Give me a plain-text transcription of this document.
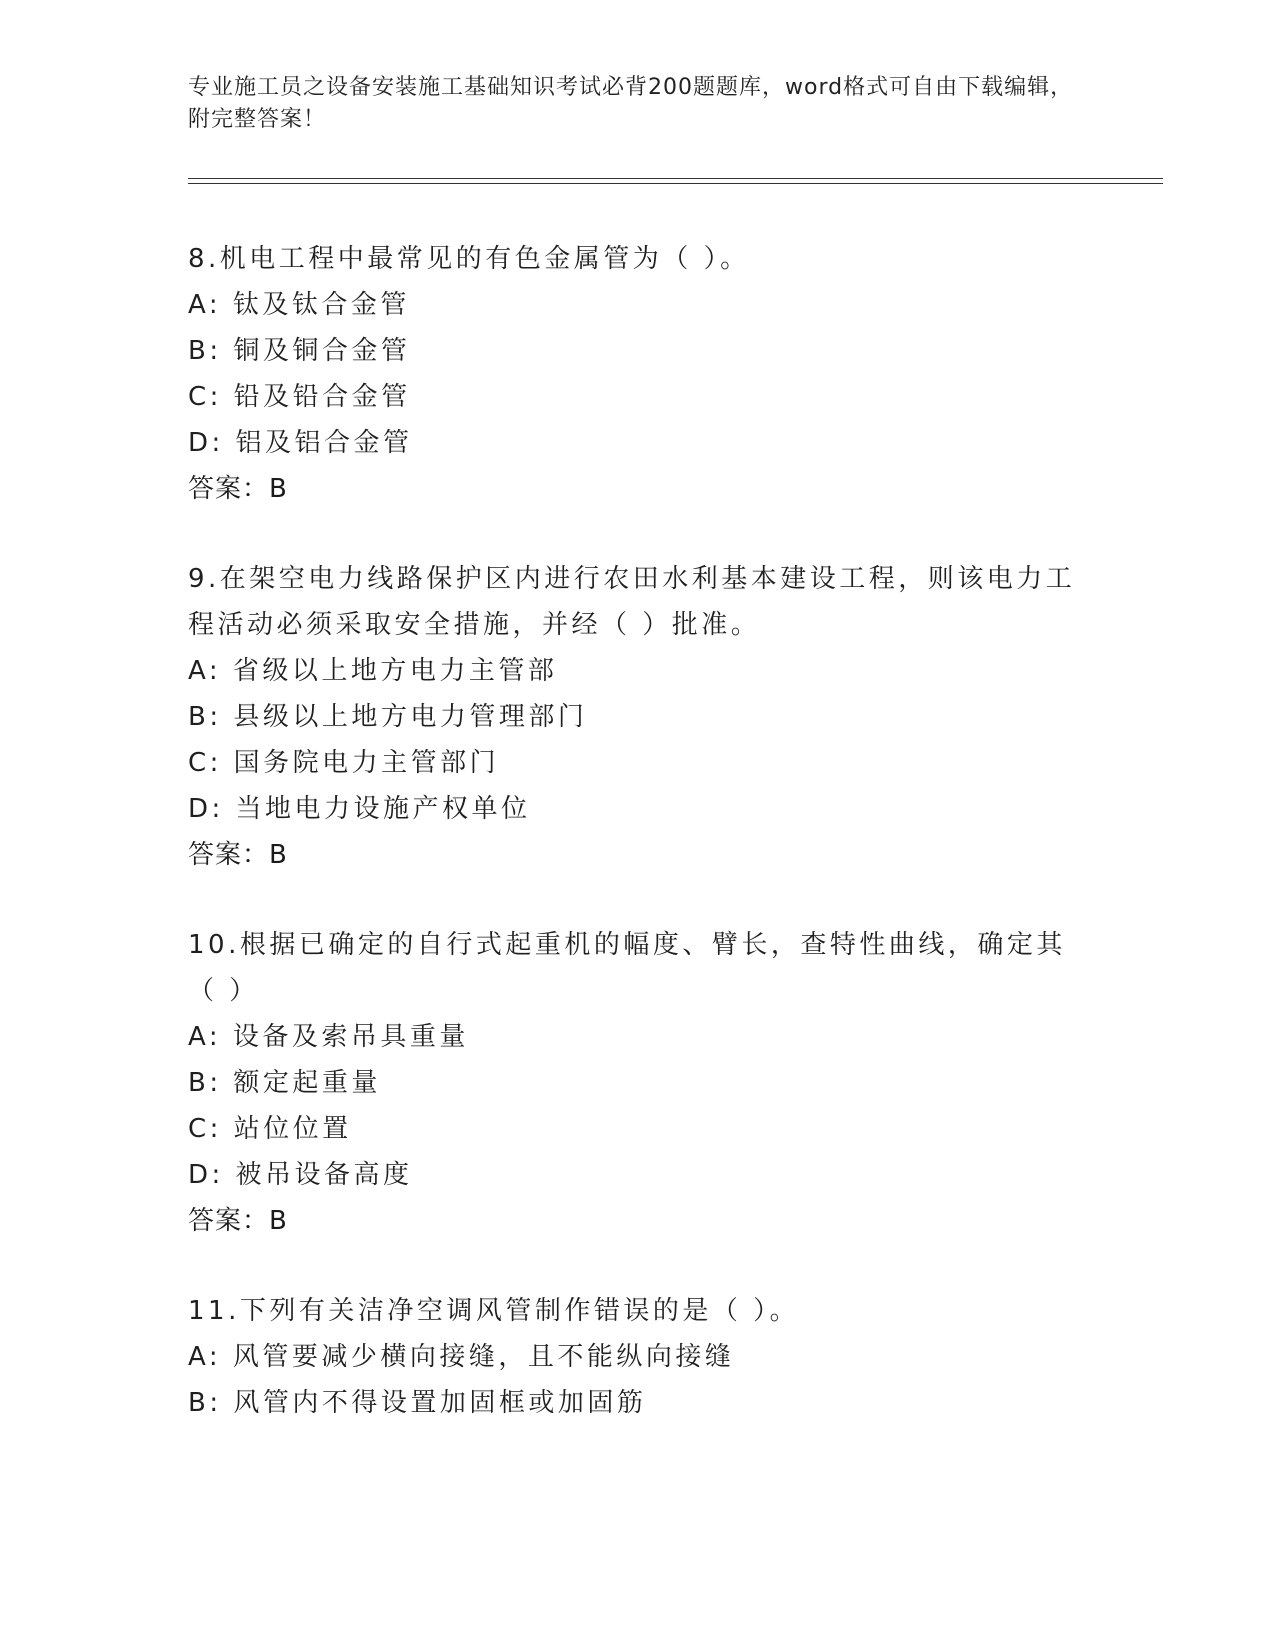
专业施工员之设备安装施工基础知识考试必背200题题库，word格式可自由下载编辑，附完整答案！
8.机电工程中最常见的有色金属管为（ ）。
A: 钛及钛合金管
B: 铜及铜合金管
C: 铅及铅合金管
D: 铝及铝合金管
答案：B
9.在架空电力线路保护区内进行农田水利基本建设工程，则该电力工程活动必须采取安全措施，并经（ ）批准。
A: 省级以上地方电力主管部
B: 县级以上地方电力管理部门
C: 国务院电力主管部门
D: 当地电力设施产权单位
答案：B
10.根据已确定的自行式起重机的幅度、臂长，查特性曲线，确定其（ ）
A: 设备及索吊具重量
B: 额定起重量
C: 站位位置
D: 被吊设备高度
答案：B
11.下列有关洁净空调风管制作错误的是（ ）。
A: 风管要减少横向接缝，且不能纵向接缝
B: 风管内不得设置加固框或加固筋
